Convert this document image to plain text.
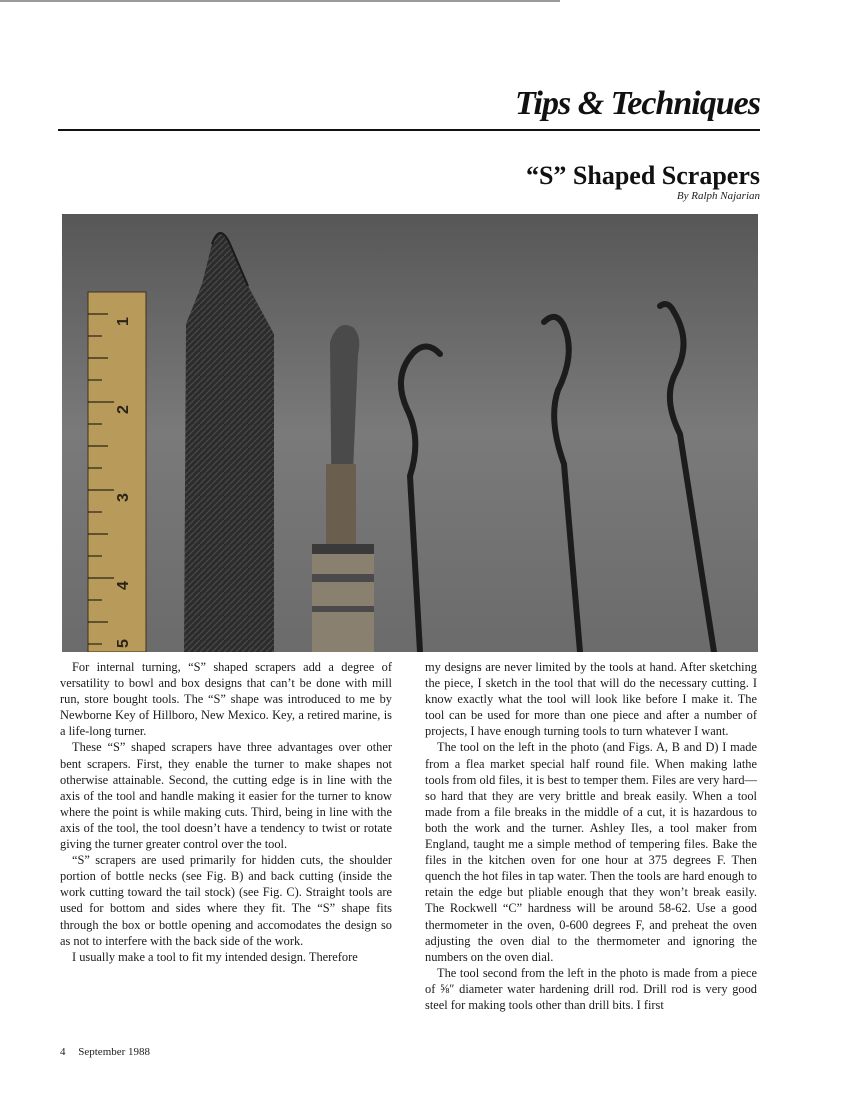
Tips & Techniques
“S” Shaped Scrapers
By Ralph Najarian
1
2
3
4
5

For internal turning, “S” shaped scrapers add a degree of versatility to bowl and box designs that can’t be done with mill run, store bought tools. The “S” shape was introduced to me by Newborne Key of Hillboro, New Mexico. Key, a retired marine, is a life-long turner.

These “S” shaped scrapers have three advantages over other bent scrapers. First, they enable the turner to make shapes not otherwise attainable. Second, the cutting edge is in line with the axis of the tool and handle making it easier for the turner to know where the point is while making cuts. Third, being in line with the axis of the tool, the tool doesn’t have a tendency to twist or rotate giving the turner greater control over the tool.

“S” scrapers are used primarily for hidden cuts, the shoulder portion of bottle necks (see Fig. B) and back cutting (inside the work cutting toward the tail stock) (see Fig. C). Straight tools are used for bottom and sides where they fit. The “S” shape fits through the box or bottle opening and accomodates the design so as not to interfere with the back side of the work.

I usually make a tool to fit my intended design. Therefore

my designs are never limited by the tools at hand. After sketching the piece, I sketch in the tool that will do the necessary cutting. I know exactly what the tool will look like before I make it. The tool can be used for more than one piece and after a number of projects, I have enough turning tools to turn whatever I want.

The tool on the left in the photo (and Figs. A, B and D) I made from a flea market special half round file. When making lathe tools from old files, it is best to temper them. Files are very hard—so hard that they are very brittle and break easily. When a tool made from a file breaks in the middle of a cut, it is hazardous to both the work and the turner. Ashley Iles, a tool maker from England, taught me a simple method of tempering files. Bake the files in the kitchen oven for one hour at 375 degrees F. Then quench the hot files in tap water. Then the tools are hard enough to retain the edge but pliable enough that they won’t break easily. The Rockwell “C” hardness will be around 58-62. Use a good thermometer in the oven, 0-600 degrees F, and preheat the oven adjusting the oven dial to the thermometer and ignoring the numbers on the oven dial.

The tool second from the left in the photo is made from a piece of ⅝″ diameter water hardening drill rod. Drill rod is very good steel for making tools other than drill bits. I first

4 September 1988
